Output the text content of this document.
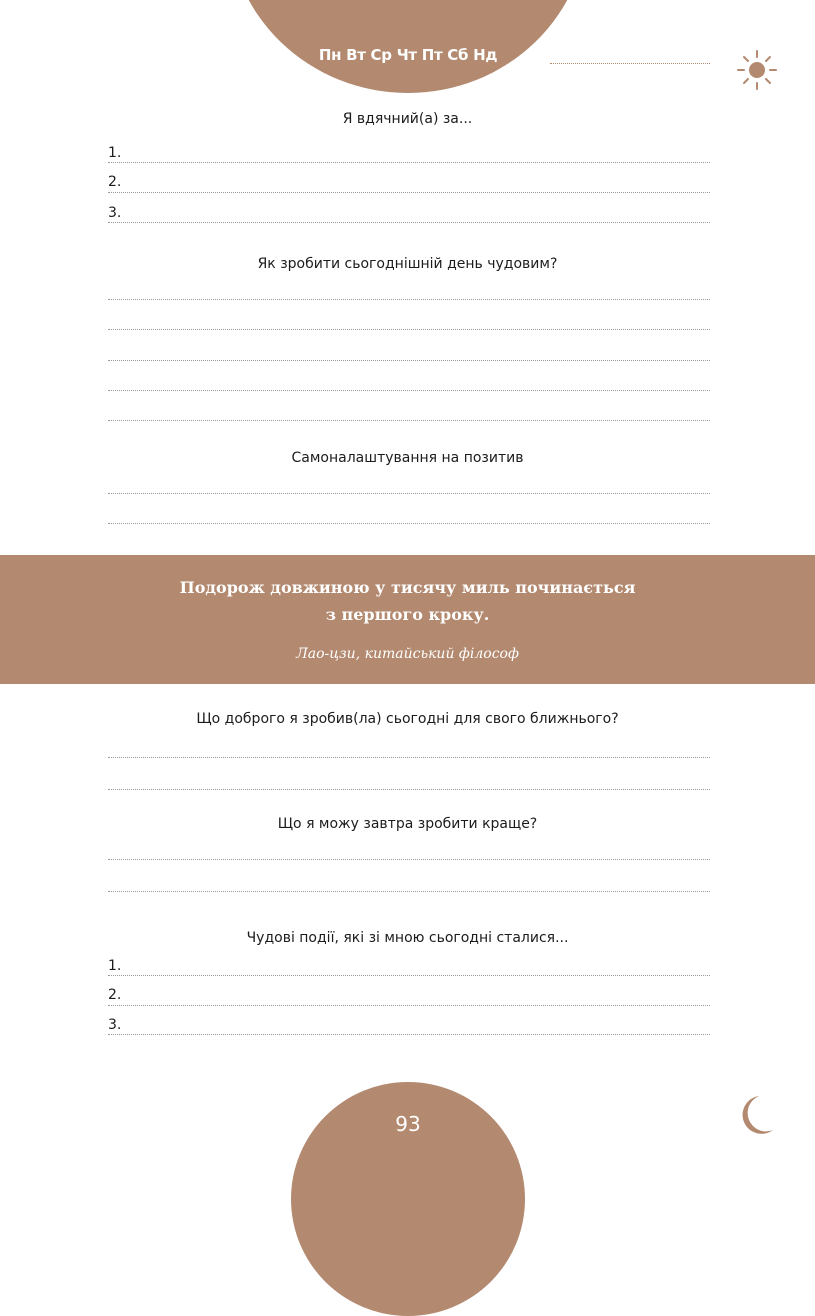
Пн Вт Ср Чт Пт Сб Нд
Я вдячний(а) за...
1.
2.
3.
Як зробити сьогоднішній день чудовим?
Самоналаштування на позитив
Подорож довжиною у тисячу миль починається
з першого кроку.
Лао-цзи, китайський філософ
Що доброго я зробив(ла) сьогодні для свого ближнього?
Що я можу завтра зробити краще?
Чудові події, які зі мною сьогодні сталися...
1.
2.
3.
93
